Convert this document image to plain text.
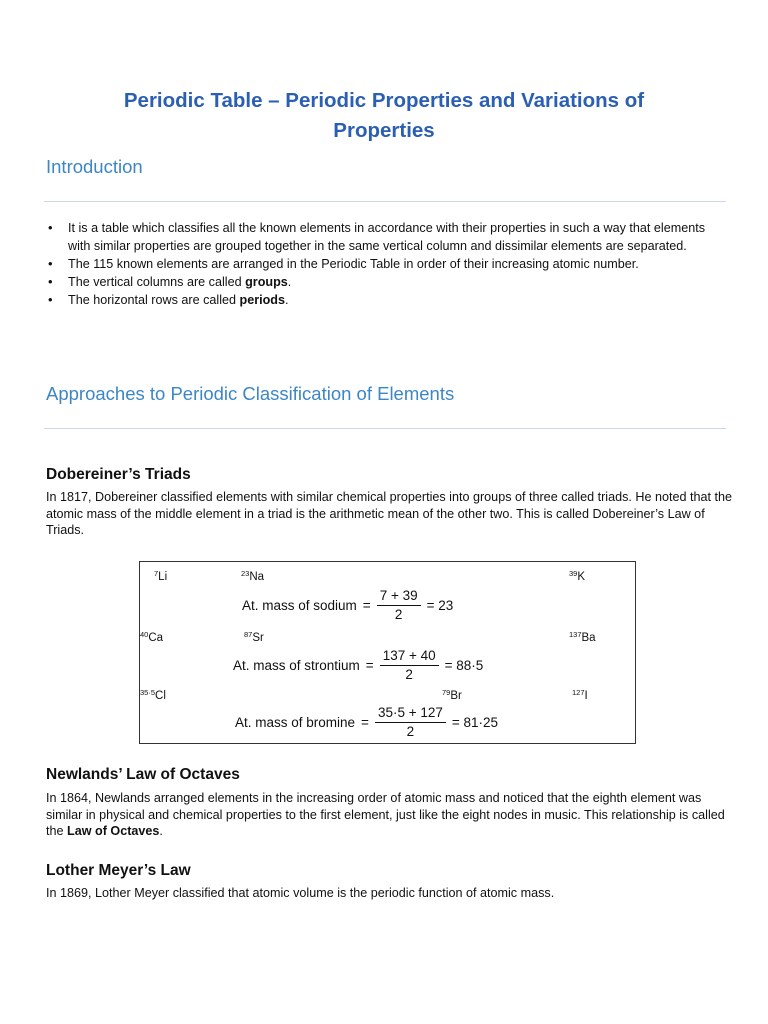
Periodic Table – Periodic Properties and Variations of
Properties
Introduction
• It is a table which classifies all the known elements in accordance with their properties in such a way that elements with similar properties are grouped together in the same vertical column and dissimilar elements are separated.
• The 115 known elements are arranged in the Periodic Table in order of their increasing atomic number.
• The vertical columns are called groups.
• The horizontal rows are called periods.
Approaches to Periodic Classification of Elements
Dobereiner’s Triads

In 1817, Dobereiner classified elements with similar chemical properties into groups of three called triads. He noted that the atomic mass of the middle element in a triad is the arithmetic mean of the other two. This is called Dobereiner’s Law of Triads.

$^7$Li	$^{23}$Na	$^{39}$K
At. mass of sodium = $\frac{7 + 39}{2} = 23$
$^{40}$Ca	$^{87}$Sr	$^{137}$Ba
At. mass of strontium = $\frac{137 + 40}{2} = 88\cdot 5$
$^{35\cdot 5}$Cl	$^{79}$Br	$^{127}$I
At. mass of $bromine = \frac{35\cdot 5 + 127}{2} = 81\cdot 25$
Newlands’ Law of Octaves

In 1864, Newlands arranged elements in the increasing order of atomic mass and noticed that the eighth element was similar in physical and chemical properties to the first element, just like the eight nodes in music. This relationship is called the Law of Octaves.

Lother Meyer’s Law

In 1869, Lother Meyer classified that atomic volume is the periodic function of atomic mass.
